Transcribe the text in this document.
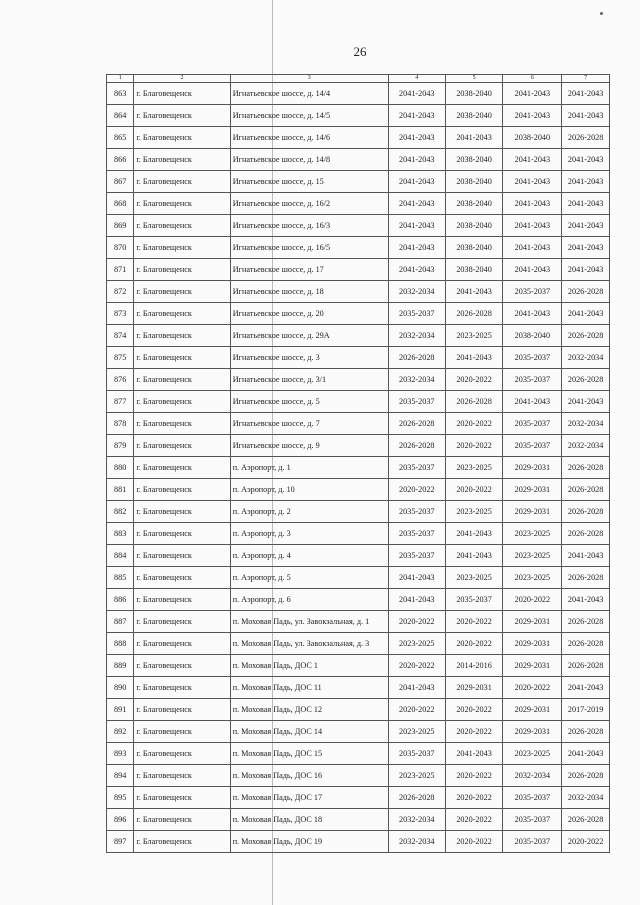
26
1	2	3	4	5	6	7
863	г. Благовещенск	Игнатьевское шоссе, д. 14/4	2041-2043	2038-2040	2041-2043	2041-2043
864	г. Благовещенск	Игнатьевское шоссе, д. 14/5	2041-2043	2038-2040	2041-2043	2041-2043
865	г. Благовещенск	Игнатьевское шоссе, д. 14/6	2041-2043	2041-2043	2038-2040	2026-2028
866	г. Благовещенск	Игнатьевское шоссе, д. 14/8	2041-2043	2038-2040	2041-2043	2041-2043
867	г. Благовещенск	Игнатьевское шоссе, д. 15	2041-2043	2038-2040	2041-2043	2041-2043
868	г. Благовещенск	Игнатьевское шоссе, д. 16/2	2041-2043	2038-2040	2041-2043	2041-2043
869	г. Благовещенск	Игнатьевское шоссе, д. 16/3	2041-2043	2038-2040	2041-2043	2041-2043
870	г. Благовещенск	Игнатьевское шоссе, д. 16/5	2041-2043	2038-2040	2041-2043	2041-2043
871	г. Благовещенск	Игнатьевское шоссе, д. 17	2041-2043	2038-2040	2041-2043	2041-2043
872	г. Благовещенск	Игнатьевское шоссе, д. 18	2032-2034	2041-2043	2035-2037	2026-2028
873	г. Благовещенск	Игнатьевское шоссе, д. 20	2035-2037	2026-2028	2041-2043	2041-2043
874	г. Благовещенск	Игнатьевское шоссе, д. 29А	2032-2034	2023-2025	2038-2040	2026-2028
875	г. Благовещенск	Игнатьевское шоссе, д. 3	2026-2028	2041-2043	2035-2037	2032-2034
876	г. Благовещенск	Игнатьевское шоссе, д. 3/1	2032-2034	2020-2022	2035-2037	2026-2028
877	г. Благовещенск	Игнатьевское шоссе, д. 5	2035-2037	2026-2028	2041-2043	2041-2043
878	г. Благовещенск	Игнатьевское шоссе, д. 7	2026-2028	2020-2022	2035-2037	2032-2034
879	г. Благовещенск	Игнатьевское шоссе, д. 9	2026-2028	2020-2022	2035-2037	2032-2034
880	г. Благовещенск	п. Аэропорт, д. 1	2035-2037	2023-2025	2029-2031	2026-2028
881	г. Благовещенск	п. Аэропорт, д. 10	2020-2022	2020-2022	2029-2031	2026-2028
882	г. Благовещенск	п. Аэропорт, д. 2	2035-2037	2023-2025	2029-2031	2026-2028
883	г. Благовещенск	п. Аэропорт, д. 3	2035-2037	2041-2043	2023-2025	2026-2028
884	г. Благовещенск	п. Аэропорт, д. 4	2035-2037	2041-2043	2023-2025	2041-2043
885	г. Благовещенск	п. Аэропорт, д. 5	2041-2043	2023-2025	2023-2025	2026-2028
886	г. Благовещенск	п. Аэропорт, д. 6	2041-2043	2035-2037	2020-2022	2041-2043
887	г. Благовещенск	п. Моховая Падь, ул. Завокзальная, д. 1	2020-2022	2020-2022	2029-2031	2026-2028
888	г. Благовещенск	п. Моховая Падь, ул. Завокзальная, д. 3	2023-2025	2020-2022	2029-2031	2026-2028
889	г. Благовещенск	п. Моховая Падь, ДОС 1	2020-2022	2014-2016	2029-2031	2026-2028
890	г. Благовещенск	п. Моховая Падь, ДОС 11	2041-2043	2029-2031	2020-2022	2041-2043
891	г. Благовещенск	п. Моховая Падь, ДОС 12	2020-2022	2020-2022	2029-2031	2017-2019
892	г. Благовещенск	п. Моховая Падь, ДОС 14	2023-2025	2020-2022	2029-2031	2026-2028
893	г. Благовещенск	п. Моховая Падь, ДОС 15	2035-2037	2041-2043	2023-2025	2041-2043
894	г. Благовещенск	п. Моховая Падь, ДОС 16	2023-2025	2020-2022	2032-2034	2026-2028
895	г. Благовещенск	п. Моховая Падь, ДОС 17	2026-2028	2020-2022	2035-2037	2032-2034
896	г. Благовещенск	п. Моховая Падь, ДОС 18	2032-2034	2020-2022	2035-2037	2026-2028
897	г. Благовещенск	п. Моховая Падь, ДОС 19	2032-2034	2020-2022	2035-2037	2020-2022
